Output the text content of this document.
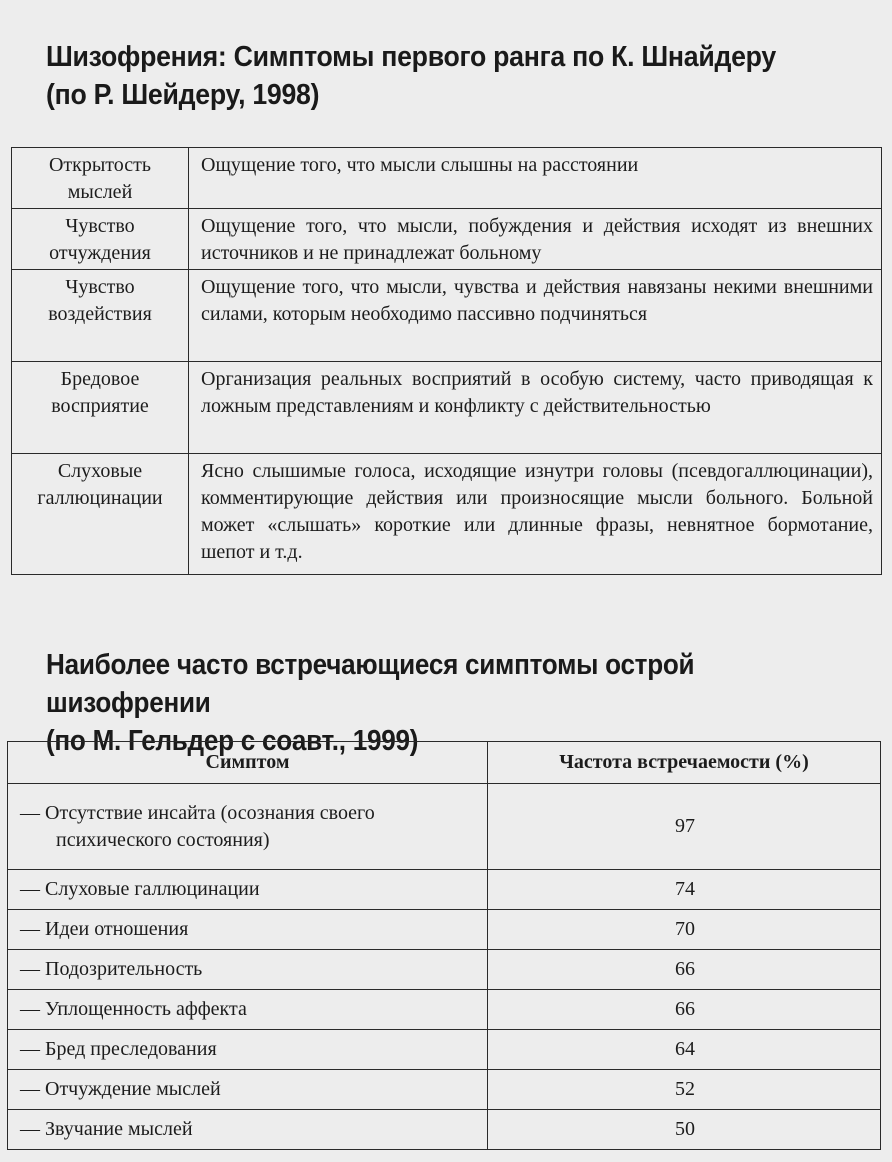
Шизофрения: Симптомы первого ранга по К. Шнайдеру
(по Р. Шейдеру, 1998)
Открытость мыслей	Ощущение того, что мысли слышны на расстоянии
Чувство отчуждения	Ощущение того, что мысли, побуждения и действия исходят из внешних источников и не принадлежат больному
Чувство воздействия	Ощущение того, что мысли, чувства и действия навязаны некими внешними силами, которым необходимо пассивно подчиняться
Бредовое восприятие	Организация реальных восприятий в особую систему, часто приводящая к ложным представлениям и конфликту с действительностью
Слуховые галлюцинации	Ясно слышимые голоса, исходящие изнутри головы (псевдогаллюцинации), комментирующие действия или произносящие мысли больного. Больной может «слышать» короткие или длинные фразы, невнятное бормотание, шепот и т.д.
Наиболее часто встречающиеся симптомы острой шизофрении
(по М. Гельдер с соавт., 1999)
Симптом	Частота встречаемости (%)

— Отсутствие инсайта (осознания своего
психического состояния)	97
— Слуховые галлюцинации	74
— Идеи отношения	70
— Подозрительность	66
— Уплощенность аффекта	66
— Бред преследования	64
— Отчуждение мыслей	52
— Звучание мыслей	50
